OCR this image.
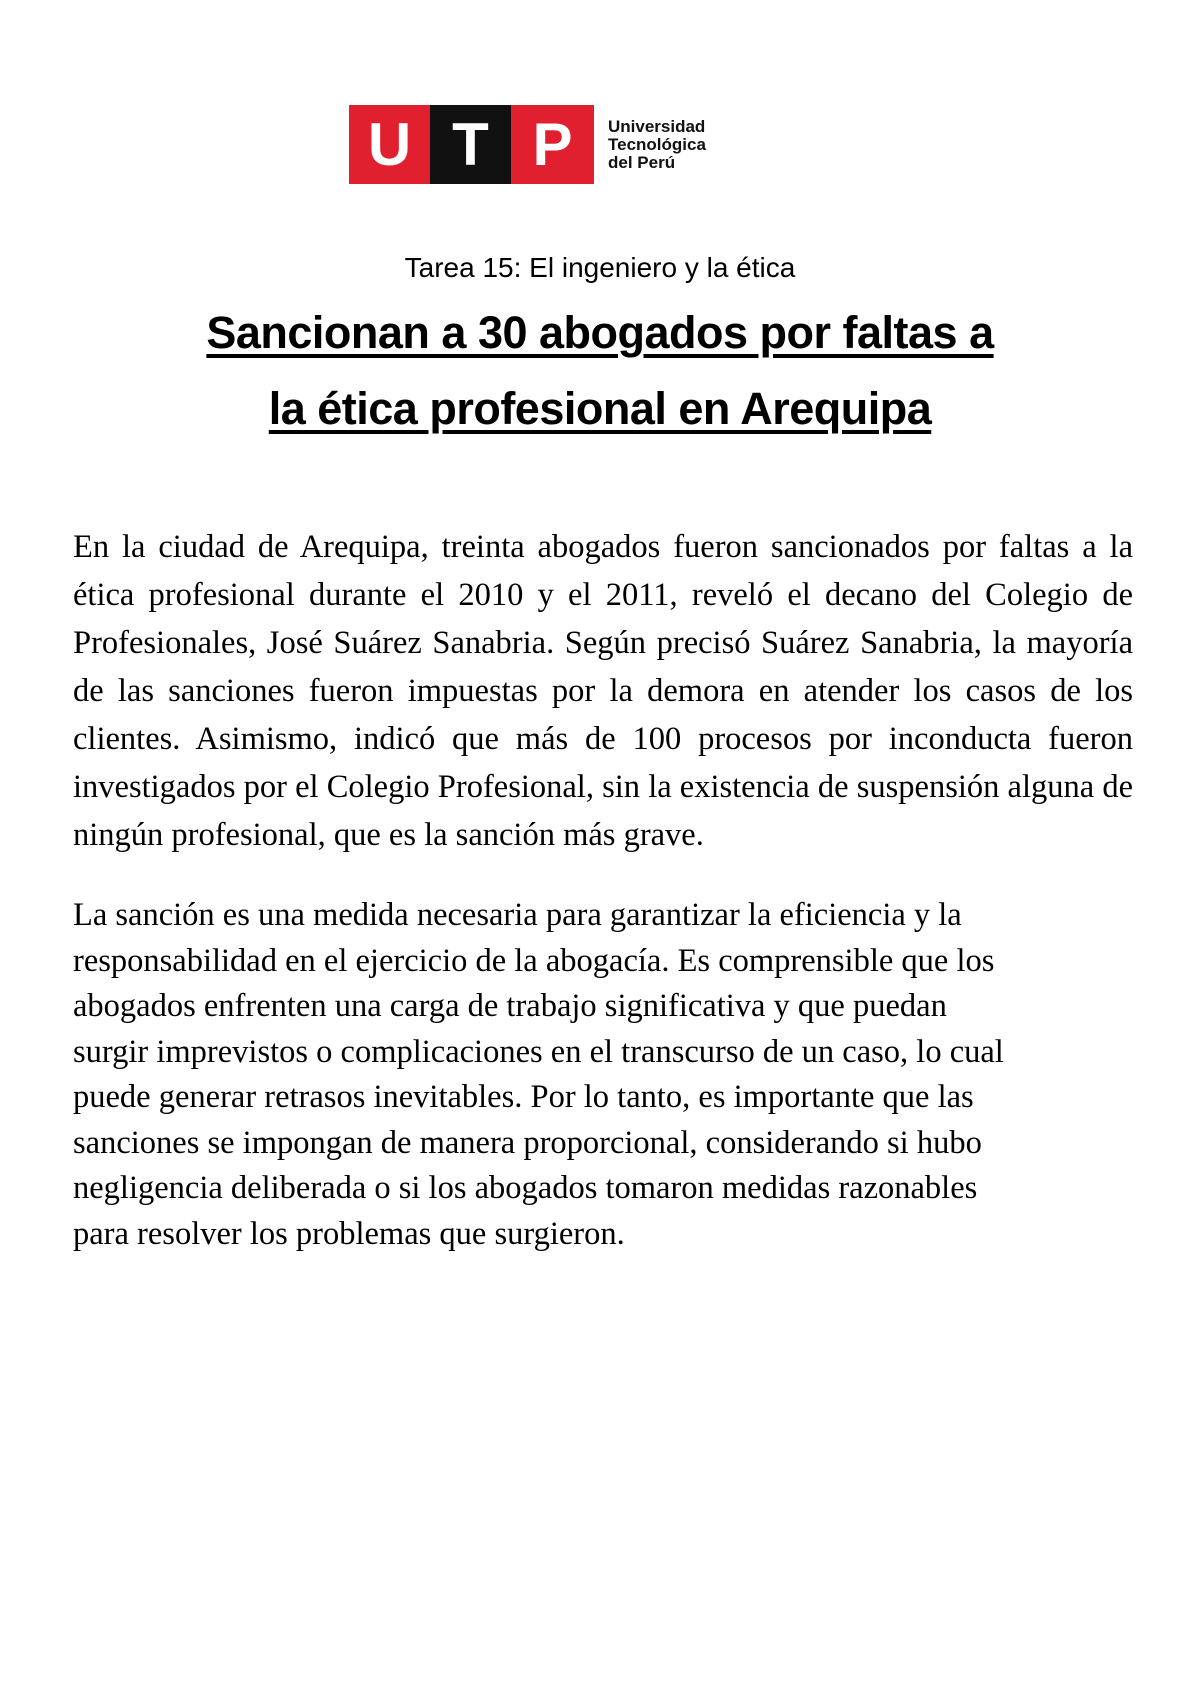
U T P	Universidad
Tecnológica
del Perú
Tarea 15: El ingeniero y la ética
Sancionan a 30 abogados por faltas a
la ética profesional en Arequipa

En la ciudad de Arequipa, treinta abogados fueron sancionados por faltas a la ética profesional durante el 2010 y el 2011, reveló el decano del Colegio de Profesionales, José Suárez Sanabria. Según precisó Suárez Sanabria, la mayoría de las sanciones fueron impuestas por la demora en atender los casos de los clientes. Asimismo, indicó que más de 100 procesos por inconducta fueron investigados por el Colegio Profesional, sin la existencia de suspensión alguna de ningún profesional, que es la sanción más grave.

La sanción es una medida necesaria para garantizar la eficiencia y la
responsabilidad en el ejercicio de la abogacía. Es comprensible que los
abogados enfrenten una carga de trabajo significativa y que puedan
surgir imprevistos o complicaciones en el transcurso de un caso, lo cual
puede generar retrasos inevitables. Por lo tanto, es importante que las
sanciones se impongan de manera proporcional, considerando si hubo
negligencia deliberada o si los abogados tomaron medidas razonables
para resolver los problemas que surgieron.
